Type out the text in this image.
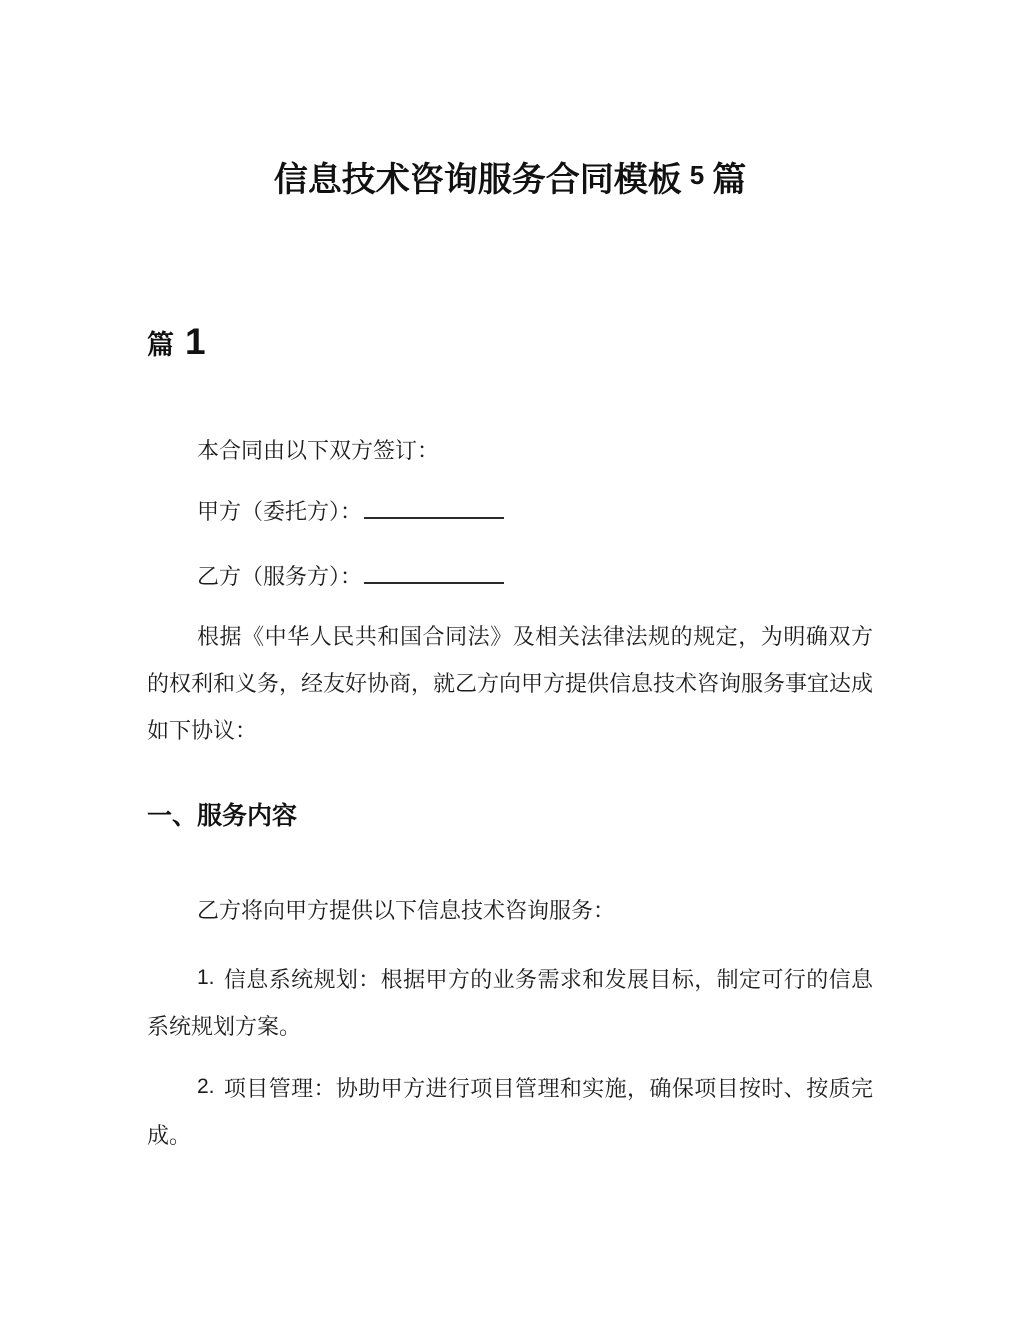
信息技术咨询服务合同模板 $^5$ 篇
篇 1

本合同由以下双方签订：

甲方（委托方）：

乙方（服务方）：

根据《中华人民共和国合同法》及相关法律法规的规定，为明确双方的权利和义务，经友好协商，就乙方向甲方提供信息技术咨询服务事宜达成如下协议：

一、服务内容

乙方将向甲方提供以下信息技术咨询服务：

1. 信息系统规划：根据甲方的业务需求和发展目标，制定可行的信息系统规划方案。

2. 项目管理：协助甲方进行项目管理和实施，确保项目按时、按质完成。
